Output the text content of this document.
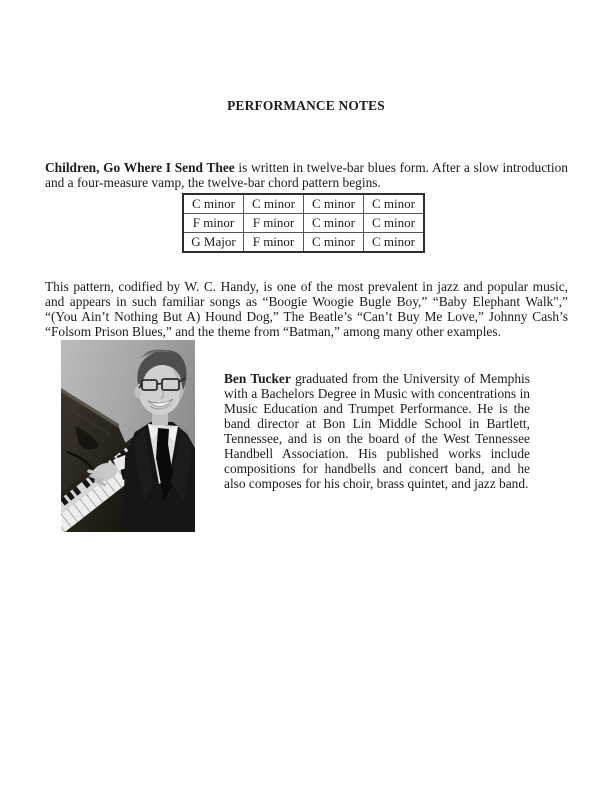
PERFORMANCE NOTES

Children, Go Where I Send Thee is written in twelve-bar blues form. After a slow introduction and a four-measure vamp, the twelve-bar chord pattern begins.

C minor	C minor	C minor	C minor
F minor	F minor	C minor	C minor
G Major	F minor	C minor	C minor

This pattern, codified by W. C. Handy, is one of the most prevalent in jazz and popular music, and appears in such familiar songs as “Boogie Woogie Bugle Boy,” “Baby Elephant Walk",” “(You Ain’t Nothing But A) Hound Dog,” The Beatle’s “Can’t Buy Me Love,” Johnny Cash’s “Folsom Prison Blues,” and the theme from “Batman,” among many other examples.

Ben Tucker graduated from the University of Memphis with a Bachelors Degree in Music with concentrations in Music Education and Trumpet Performance. He is the band director at Bon Lin Middle School in Bartlett, Tennessee, and is on the board of the West Tennessee Handbell Association. His published works include compositions for handbells and concert band, and he also composes for his choir, brass quintet, and jazz band.
